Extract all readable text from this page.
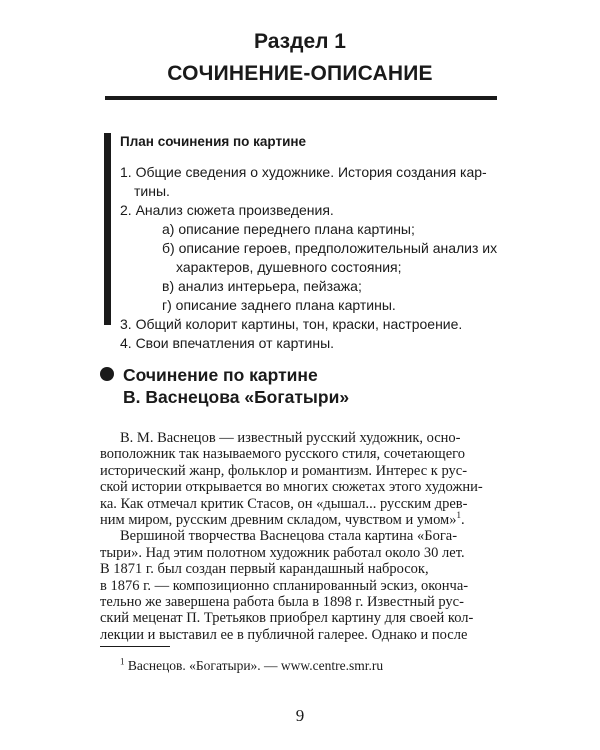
Раздел 1
СОЧИНЕНИЕ-ОПИСАНИЕ
План сочинения по картине
1. Общие сведения о художнике. История создания кар-
тины.
2. Анализ сюжета произведения.
а) описание переднего плана картины;
б) описание героев, предположительный анализ их
характеров, душевного состояния;
в) анализ интерьера, пейзажа;
г) описание заднего плана картины.
3. Общий колорит картины, тон, краски, настроение.
4. Свои впечатления от картины.
Сочинение по картине
В. Васнецова «Богатыри»
В. М. Васнецов — известный русский художник, осно-
воположник так называемого русского стиля, сочетающего
исторический жанр, фольклор и романтизм. Интерес к рус-
ской истории открывается во многих сюжетах этого художни-
ка. Как отмечал критик Стасов, он «дышал... русским древ-
ним миром, русским древним складом, чувством и умом»$^1$.
Вершиной творчества Васнецова стала картина «Бога-
тыри». Над этим полотном художник работал около 30 лет.
В 1871 г. был создан первый карандашный набросок,
в 1876 г. — композиционно спланированный эскиз, оконча-
тельно же завершена работа была в 1898 г. Известный рус-
$^1$ Васнецов. «Богатыри». — www.centre.smr.ru
9
ский меценат П. Третьяков приобрел картину для своей кол-
лекции и выставил ее в публичной галерее. Однако и после
